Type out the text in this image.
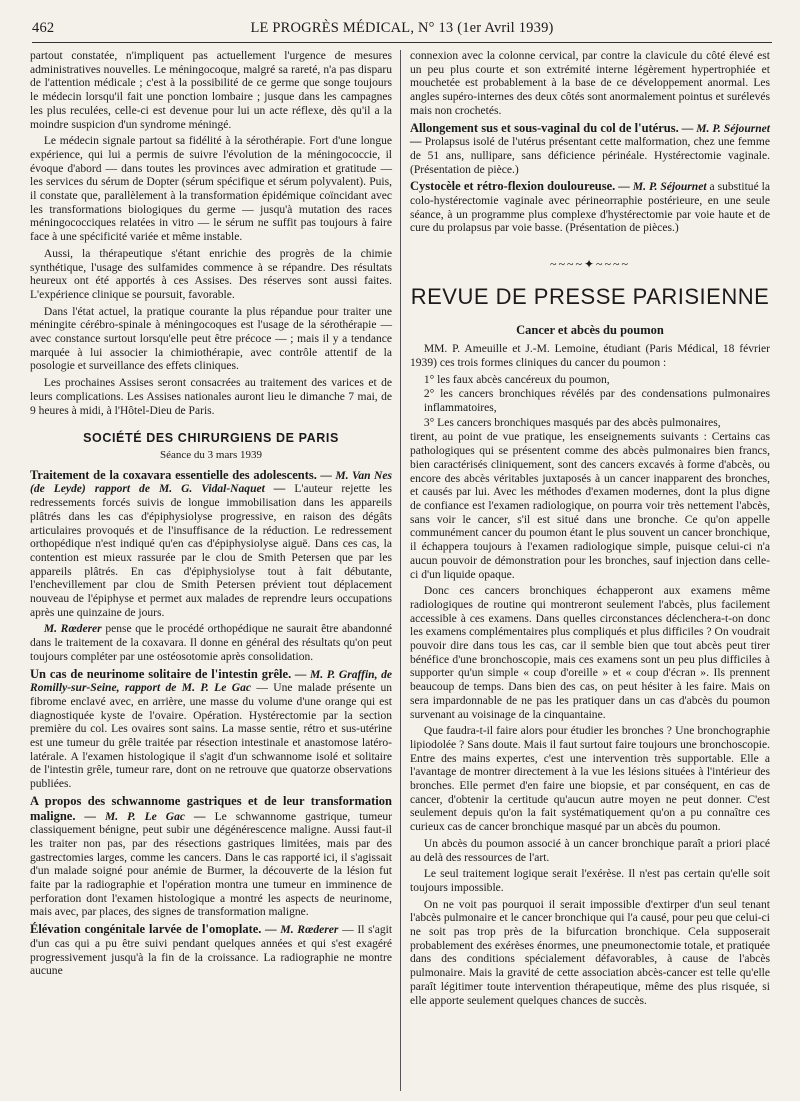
462	LE PROGRÈS MÉDICAL, N° 13 (1er Avril 1939)

partout constatée, n'impliquent pas actuellement l'urgence de mesures administratives nouvelles. Le méningocoque, malgré sa rareté, n'a pas disparu de l'attention médicale ; c'est à la possibilité de ce germe que songe toujours le médecin lorsqu'il fait une ponction lombaire ; jusque dans les campagnes les plus reculées, celle-ci est devenue pour lui un acte réflexe, dès qu'il a la moindre suspicion d'un syndrome méningé.

Le médecin signale partout sa fidélité à la sérothérapie. Fort d'une longue expérience, qui lui a permis de suivre l'évolution de la méningococcie, il évoque d'abord — dans toutes les provinces avec admiration et gratitude — les services du sérum de Dopter (sérum spécifique et sérum polyvalent). Puis, il constate que, parallèlement à la transformation épidémique coïncidant avec les transformations biologiques du germe — jusqu'à mutation des races méningococciques relatées in vitro — le sérum ne suffit pas toujours à faire face à une spécificité variée et même instable.

Aussi, la thérapeutique s'étant enrichie des progrès de la chimie synthétique, l'usage des sulfamides commence à se répandre. Des résultats heureux ont été apportés à ces Assises. Des réserves sont aussi faites. L'expérience clinique se poursuit, favorable.

Dans l'état actuel, la pratique courante la plus répandue pour traiter une méningite cérébro-spinale à méningocoques est l'usage de la sérothérapie — avec constance surtout lorsqu'elle peut être précoce — ; mais il y a tendance marquée à lui associer la chimiothérapie, avec contrôle attentif de la posologie et surveillance des effets cliniques.

Les prochaines Assises seront consacrées au traitement des varices et de leurs complications. Les Assises nationales auront lieu le dimanche 7 mai, de 9 heures à midi, à l'Hôtel-Dieu de Paris.

SOCIÉTÉ DES CHIRURGIENS DE PARIS
Séance du 3 mars 1939

Traitement de la coxavara essentielle des adolescents. — M. Van Nes (de Leyde) rapport de M. G. Vidal-Naquet — L'auteur rejette les redressements forcés suivis de longue immobilisation dans les appareils plâtrés dans les cas d'épiphysiolyse progressive, en raison des dégâts articulaires provoqués et de l'insuffisance de la réduction. Le redressement orthopédique n'est indiqué qu'en cas d'épiphysiolyse aiguë. Dans ces cas, la contention est mieux rassurée par le clou de Smith Petersen que par les appareils plâtrés. En cas d'épiphysiolyse tout à fait débutante, l'enchevillement par clou de Smith Petersen prévient tout déplacement nouveau de l'épiphyse et permet aux malades de reprendre leurs occupations après une quinzaine de jours.

M. Rœderer pense que le procédé orthopédique ne saurait être abandonné dans le traitement de la coxavara. Il donne en général des résultats qu'on peut toujours compléter par une ostéosotomie après consolidation.

Un cas de neurinome solitaire de l'intestin grêle. — M. P. Graffin, de Romilly-sur-Seine, rapport de M. P. Le Gac — Une malade présente un fibrome enclavé avec, en arrière, une masse du volume d'une orange qui est diagnostiquée kyste de l'ovaire. Opération. Hystérectomie par la section première du col. Les ovaires sont sains. La masse sentie, rétro et sus-utérine est une tumeur du grêle traitée par résection intestinale et anastomose latéro-latérale. A l'examen histologique il s'agit d'un schwannome isolé et solitaire de l'intestin grêle, tumeur rare, dont on ne retrouve que quatorze observations publiées.

A propos des schwannome gastriques et de leur transformation maligne. — M. P. Le Gac — Le schwannome gastrique, tumeur classiquement bénigne, peut subir une dégénérescence maligne. Aussi faut-il les traiter non pas, par des résections gastriques limitées, mais par des gastrectomies larges, comme les cancers. Dans le cas rapporté ici, il s'agissait d'un malade soigné pour anémie de Burmer, la découverte de la lésion fut faite par la radiographie et l'opération montra une tumeur en imminence de perforation dont l'examen histologique a montré les aspects de neurinome, mais avec, par places, des signes de transformation maligne.

Élévation congénitale larvée de l'omoplate. — M. Rœderer — Il s'agit d'un cas qui a pu être suivi pendant quelques années et qui s'est exagéré progressivement jusqu'à la fin de la croissance. La radiographie ne montre aucune

connexion avec la colonne cervical, par contre la clavicule du côté élevé est un peu plus courte et son extrémité interne légèrement hypertrophiée et mouchetée est probablement à la base de ce développement anormal. Les angles supéro-internes des deux côtés sont anormalement pointus et surélevés mais non crochetés.

Allongement sus et sous-vaginal du col de l'utérus. — M. P. Séjournet — Prolapsus isolé de l'utérus présentant cette malformation, chez une femme de 51 ans, nullipare, sans déficience périnéale. Hystérectomie vaginale. (Présentation de pièce.)

Cystocèle et rétro-flexion douloureuse. — M. P. Séjournet a substitué la colo-hystérectomie vaginale avec périneorraphie postérieure, en une seule séance, à un programme plus complexe d'hystérectomie par voie haute et de cure du prolapsus par voie basse. (Présentation de pièces.)

~~~~✦~~~~
REVUE DE PRESSE PARISIENNE
Cancer et abcès du poumon

MM. P. Ameuille et J.-M. Lemoine, étudiant (Paris Médical, 18 février 1939) ces trois formes cliniques du cancer du poumon :

1° les faux abcès cancéreux du poumon,

2° les cancers bronchiques révélés par des condensations pulmonaires inflammatoires,

3° Les cancers bronchiques masqués par des abcès pulmonaires,

tirent, au point de vue pratique, les enseignements suivants : Certains cas pathologiques qui se présentent comme des abcès pulmonaires bien francs, bien caractérisés cliniquement, sont des cancers excavés à forme d'abcès, ou encore des abcès véritables juxtaposés à un cancer inapparent des bronches, et causés par lui. Avec les méthodes d'examen modernes, dont la plus digne de confiance est l'examen radiologique, on pourra voir très nettement l'abcès, sans voir le cancer, s'il est situé dans une bronche. Ce qu'on appelle communément cancer du poumon étant le plus souvent un cancer bronchique, il échappera toujours à l'examen radiologique simple, puisque celui-ci n'a aucun pouvoir de démonstration pour les bronches, sauf injection dans celle-ci d'un liquide opaque.

Donc ces cancers bronchiques échapperont aux examens même radiologiques de routine qui montreront seulement l'abcès, plus facilement accessible à ces examens. Dans quelles circonstances déclenchera-t-on donc les examens complémentaires plus compliqués et plus difficiles ? On voudrait pouvoir dire dans tous les cas, car il semble bien que tout abcès peut tirer bénéfice d'une bronchoscopie, mais ces examens sont un peu plus difficiles à supporter qu'un simple « coup d'oreille » et « coup d'écran ». Ils prennent beaucoup de temps. Dans bien des cas, on peut hésiter à les faire. Mais on sera impardonnable de ne pas les pratiquer dans un cas d'abcès du poumon survenant au voisinage de la cinquantaine.

Que faudra-t-il faire alors pour étudier les bronches ? Une bronchographie lipiodolée ? Sans doute. Mais il faut surtout faire toujours une bronchoscopie. Entre des mains expertes, c'est une intervention très supportable. Elle a l'avantage de montrer directement à la vue les lésions situées à l'intérieur des bronches. Elle permet d'en faire une biopsie, et par conséquent, en cas de cancer, d'obtenir la certitude qu'aucun autre moyen ne peut donner. C'est seulement depuis qu'on la fait systématiquement qu'on a pu connaître ces curieux cas de cancer bronchique masqué par un abcès du poumon.

Un abcès du poumon associé à un cancer bronchique paraît a priori placé au delà des ressources de l'art.

Le seul traitement logique serait l'exérèse. Il n'est pas certain qu'elle soit toujours impossible.

On ne voit pas pourquoi il serait impossible d'extirper d'un seul tenant l'abcès pulmonaire et le cancer bronchique qui l'a causé, pour peu que celui-ci ne soit pas trop près de la bifurcation bronchique. Cela supposerait probablement des exérèses énormes, une pneumonectomie totale, et pratiquée dans des conditions spécialement défavorables, à cause de l'abcès pulmonaire. Mais la gravité de cette association abcès-cancer est telle qu'elle paraît légitimer toute intervention thérapeutique, même des plus risquée, si elle apporte seulement quelques chances de succès.
